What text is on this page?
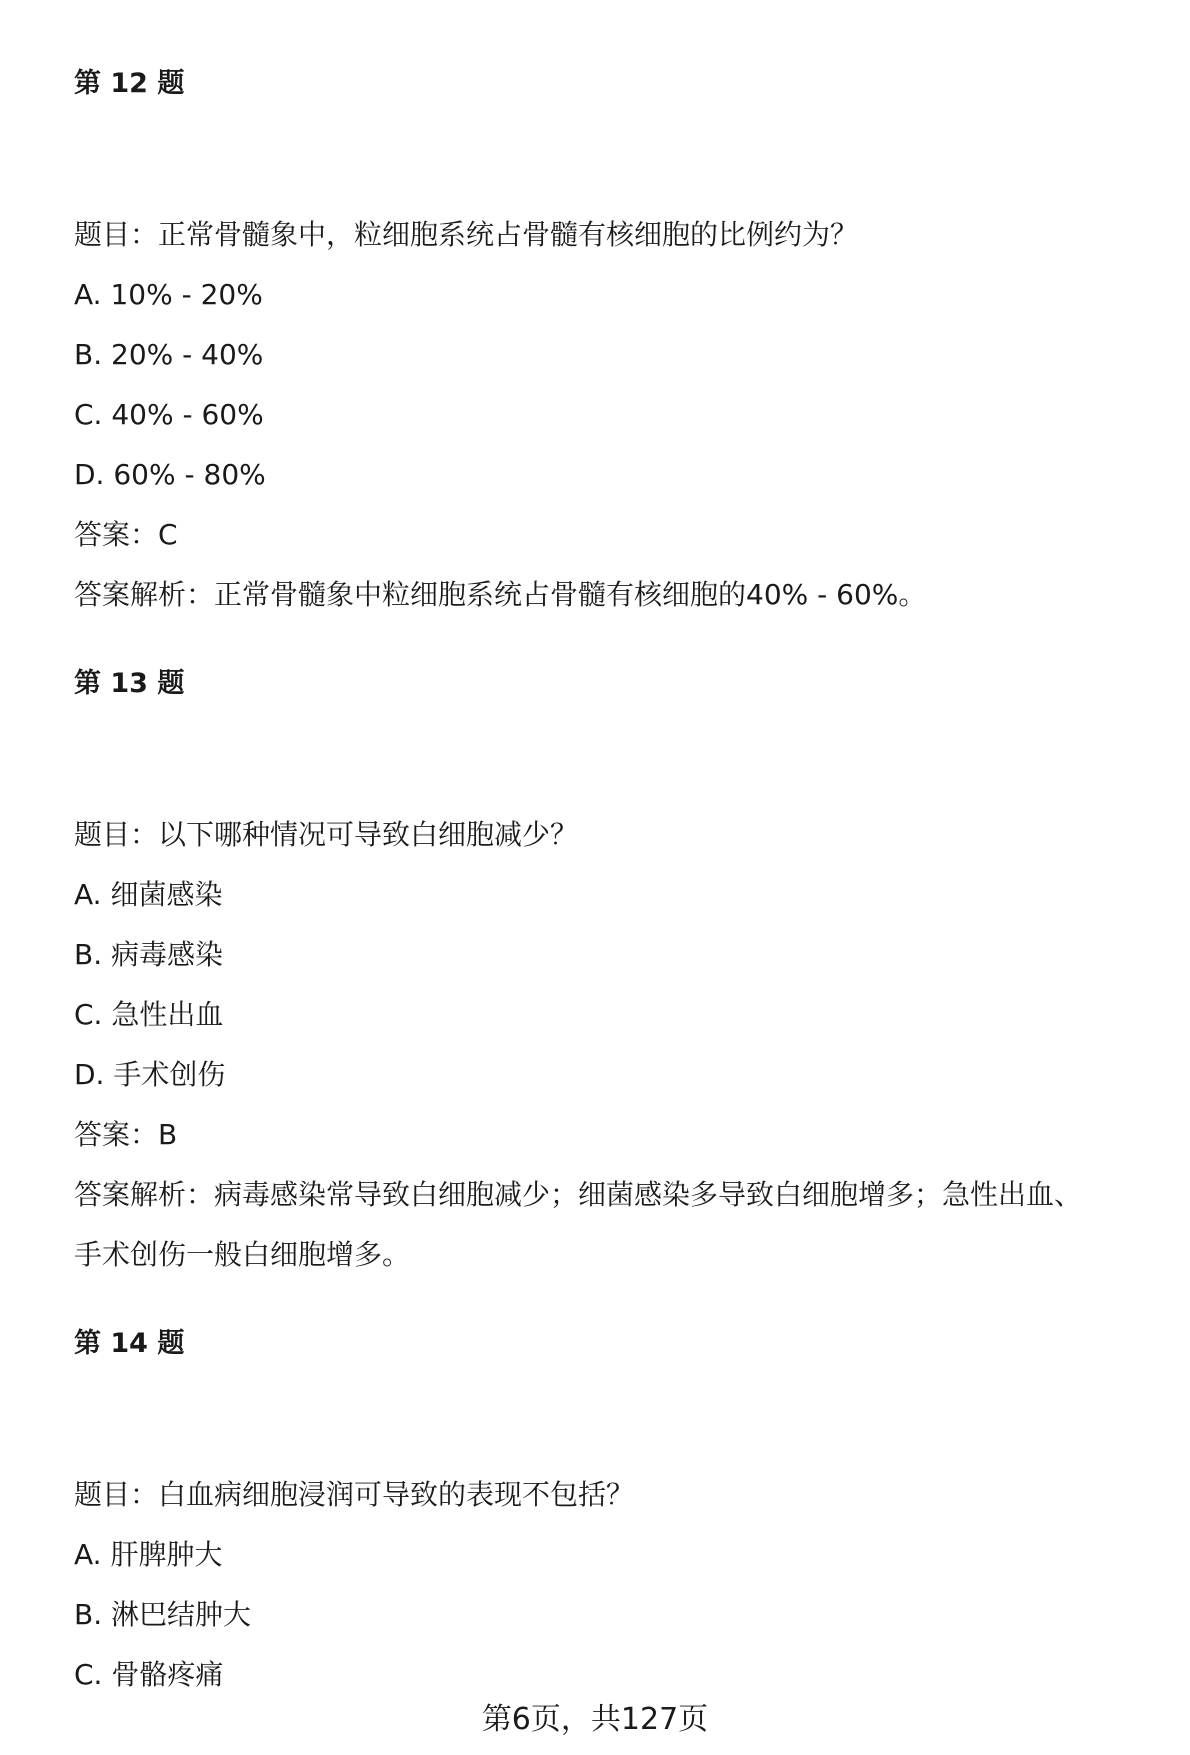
第 12 题
题目：正常骨髓象中，粒细胞系统占骨髓有核细胞的比例约为？
A. 10% - 20%
B. 20% - 40%
C. 40% - 60%
D. 60% - 80%
答案：C
答案解析：正常骨髓象中粒细胞系统占骨髓有核细胞的40% - 60%。
第 13 题
题目：以下哪种情况可导致白细胞减少？
A. 细菌感染
B. 病毒感染
C. 急性出血
D. 手术创伤
答案：B
答案解析：病毒感染常导致白细胞减少；细菌感染多导致白细胞增多；急性出血、
手术创伤一般白细胞增多。
第 14 题
题目：白血病细胞浸润可导致的表现不包括？
A. 肝脾肿大
B. 淋巴结肿大
C. 骨骼疼痛
第6页，共127页
